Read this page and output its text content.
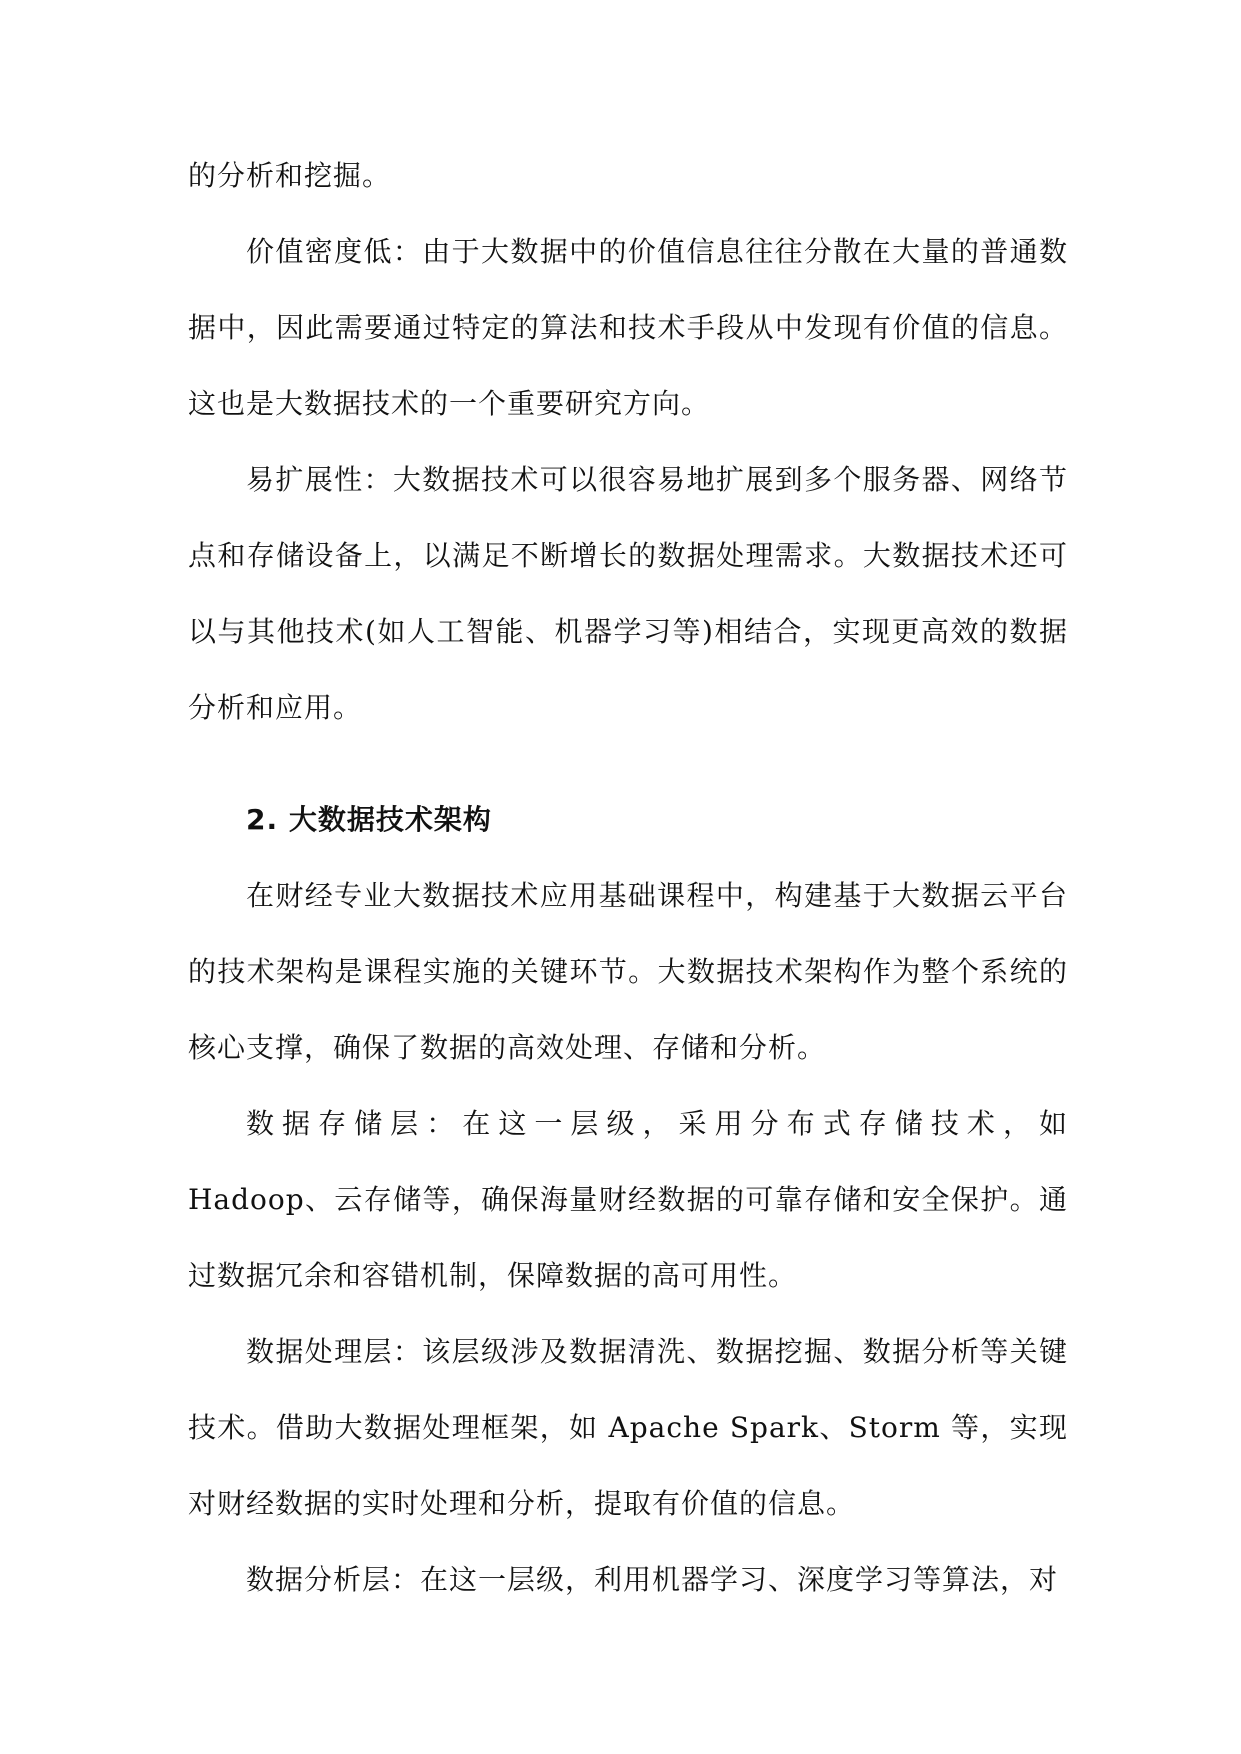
的分析和挖掘。

价值密度低：由于大数据中的价值信息往往分散在大量的普通数据中，因此需要通过特定的算法和技术手段从中发现有价值的信息。这也是大数据技术的一个重要研究方向。

易扩展性：大数据技术可以很容易地扩展到多个服务器、网络节点和存储设备上，以满足不断增长的数据处理需求。大数据技术还可以与其他技术(如人工智能、机器学习等)相结合，实现更高效的数据分析和应用。

2. 大数据技术架构

在财经专业大数据技术应用基础课程中，构建基于大数据云平台的技术架构是课程实施的关键环节。大数据技术架构作为整个系统的核心支撑，确保了数据的高效处理、存储和分析。

数据存储层：在这一层级，采用分布式存储技术，如 Hadoop、云存储等，确保海量财经数据的可靠存储和安全保护。通过数据冗余和容错机制，保障数据的高可用性。

数据处理层：该层级涉及数据清洗、数据挖掘、数据分析等关键技术。借助大数据处理框架，如 Apache Spark、Storm 等，实现对财经数据的实时处理和分析，提取有价值的信息。

数据分析层：在这一层级，利用机器学习、深度学习等算法，对
